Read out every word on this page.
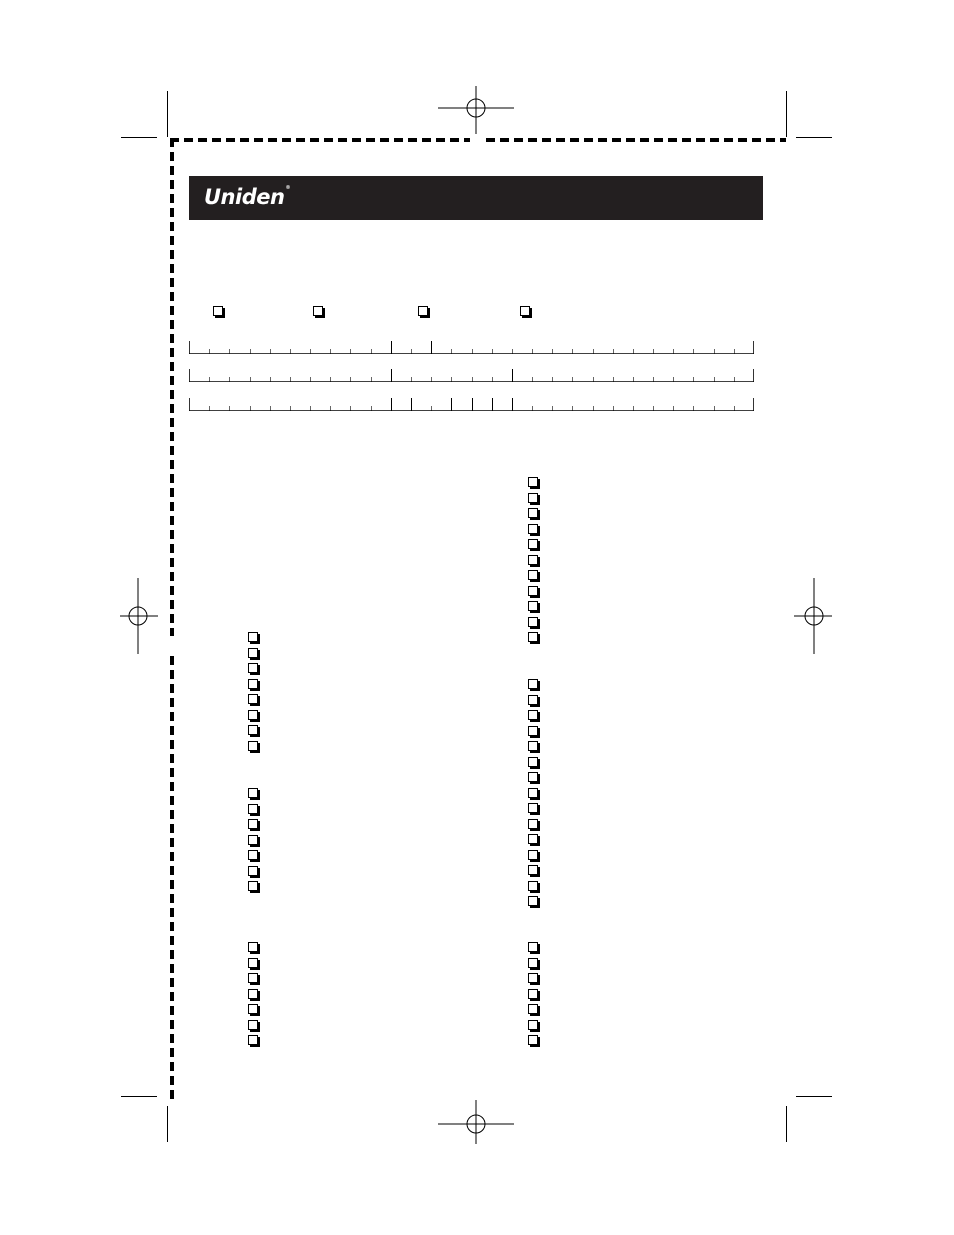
Uniden®
